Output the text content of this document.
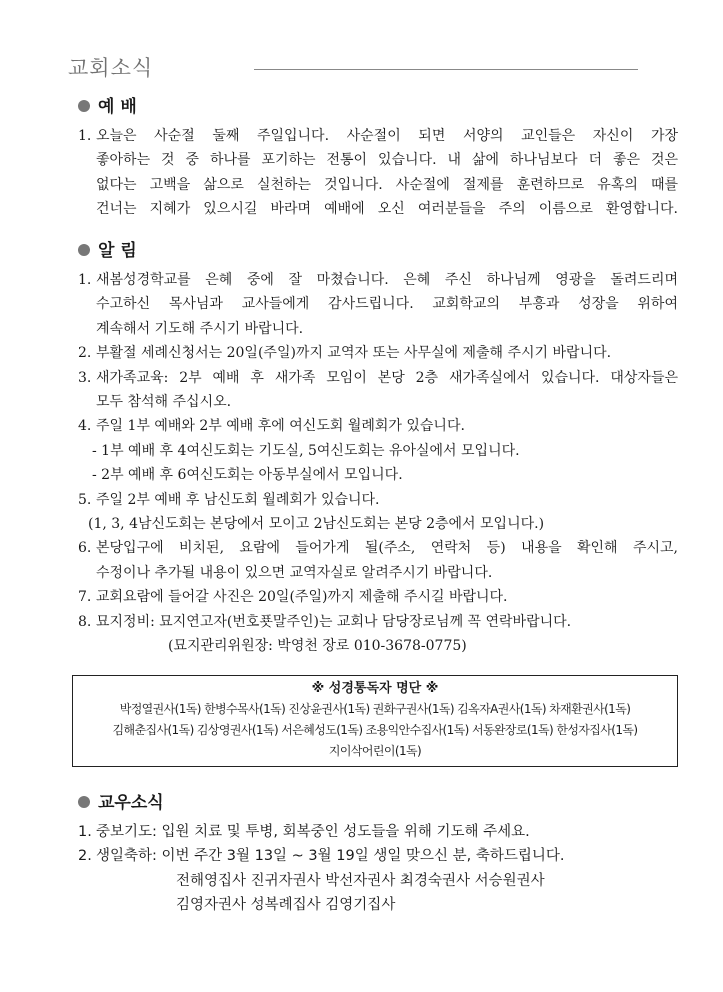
교회소식
예 배
1. 오늘은 사순절 둘째 주일입니다. 사순절이 되면 서양의 교인들은 자신이 가장
좋아하는 것 중 하나를 포기하는 전통이 있습니다. 내 삶에 하나님보다 더 좋은 것은
없다는 고백을 삶으로 실천하는 것입니다. 사순절에 절제를 훈련하므로 유혹의 때를
건너는 지혜가 있으시길 바라며 예배에 오신 여러분들을 주의 이름으로 환영합니다.
알 림
1. 새봄성경학교를 은혜 중에 잘 마쳤습니다. 은혜 주신 하나님께 영광을 돌려드리며
수고하신 목사님과 교사들에게 감사드립니다. 교회학교의 부흥과 성장을 위하여
계속해서 기도해 주시기 바랍니다.
2. 부활절 세례신청서는 20일(주일)까지 교역자 또는 사무실에 제출해 주시기 바랍니다.
3. 새가족교육: 2부 예배 후 새가족 모임이 본당 2층 새가족실에서 있습니다. 대상자들은
모두 참석해 주십시오.
4. 주일 1부 예배와 2부 예배 후에 여신도회 월례회가 있습니다.
- 1부 예배 후 4여신도회는 기도실, 5여신도회는 유아실에서 모입니다.
- 2부 예배 후 6여신도회는 아동부실에서 모입니다.
5. 주일 2부 예배 후 남신도회 월례회가 있습니다.
(1, 3, 4남신도회는 본당에서 모이고 2남신도회는 본당 2층에서 모입니다.)
6. 본당입구에 비치된, 요람에 들어가게 될(주소, 연락처 등) 내용을 확인해 주시고,
수정이나 추가될 내용이 있으면 교역자실로 알려주시기 바랍니다.
7. 교회요람에 들어갈 사진은 20일(주일)까지 제출해 주시길 바랍니다.
8. 묘지정비: 묘지연고자(번호푯말주인)는 교회나 담당장로님께 꼭 연락바랍니다.
(묘지관리위원장: 박영천 장로 010-3678-0775)
※ 성경통독자 명단 ※
박정열권사(1독) 한병수목사(1독) 진상윤권사(1독) 권화구권사(1독) 김옥자A권사(1독) 차재환권사(1독)
김해춘집사(1독) 김상영권사(1독) 서은혜성도(1독) 조용익안수집사(1독) 서동완장로(1독) 한성자집사(1독)
지이삭어린이(1독)
교우소식
1. 중보기도: 입원 치료 및 투병, 회복중인 성도들을 위해 기도해 주세요.
2. 생일축하: 이번 주간 3월 13일 ~ 3월 19일 생일 맞으신 분, 축하드립니다.
전해영집사 진귀자권사 박선자권사 최경숙권사 서승원권사
김영자권사 성복례집사 김영기집사
